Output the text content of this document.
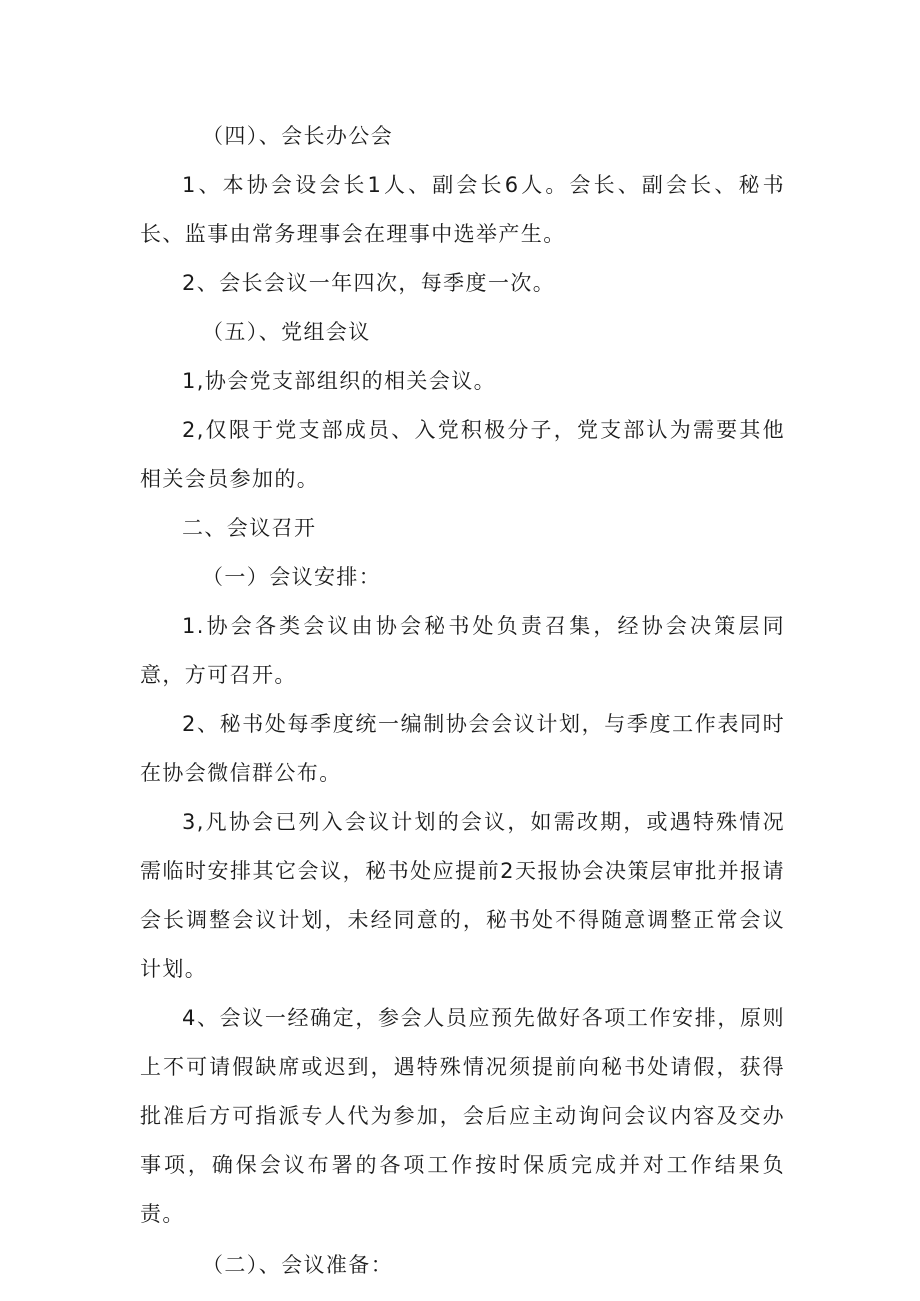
（四）、会长办公会

1、本协会设会长1人、副会长6人。会长、副会长、秘书长、监事由常务理事会在理事中选举产生。

2、会长会议一年四次，每季度一次。

（五）、党组会议

1,协会党支部组织的相关会议。

2,仅限于党支部成员、入党积极分子，党支部认为需要其他相关会员参加的。

二、会议召开

（一）会议安排：

1.协会各类会议由协会秘书处负责召集，经协会决策层同意，方可召开。

2、秘书处每季度统一编制协会会议计划，与季度工作表同时在协会微信群公布。

3,凡协会已列入会议计划的会议，如需改期，或遇特殊情况需临时安排其它会议，秘书处应提前2天报协会决策层审批并报请会长调整会议计划，未经同意的，秘书处不得随意调整正常会议计划。

4、会议一经确定，参会人员应预先做好各项工作安排，原则上不可请假缺席或迟到，遇特殊情况须提前向秘书处请假，获得批准后方可指派专人代为参加，会后应主动询问会议内容及交办事项，确保会议布署的各项工作按时保质完成并对工作结果负责。

（二）、会议准备：
